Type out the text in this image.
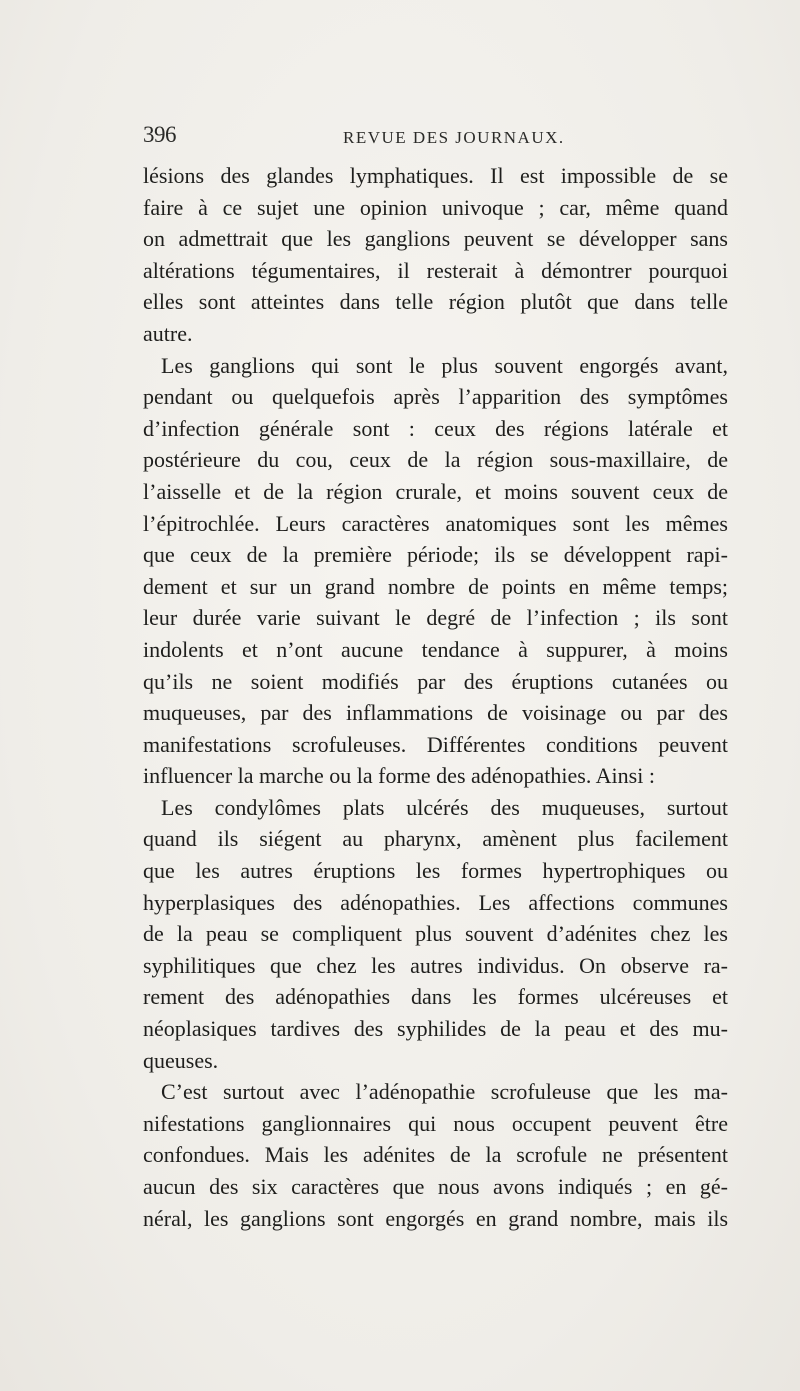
396	REVUE DES JOURNAUX.
lésions des glandes lymphatiques. Il est impossible de se
faire à ce sujet une opinion univoque ; car, même quand
on admettrait que les ganglions peuvent se développer sans
altérations tégumentaires, il resterait à démontrer pourquoi
elles sont atteintes dans telle région plutôt que dans telle
autre.
Les ganglions qui sont le plus souvent engorgés avant,
pendant ou quelquefois après l’apparition des symptômes
d’infection générale sont : ceux des régions latérale et
postérieure du cou, ceux de la région sous-maxillaire, de
l’aisselle et de la région crurale, et moins souvent ceux de
l’épitrochlée. Leurs caractères anatomiques sont les mêmes
que ceux de la première période; ils se développent rapi-
dement et sur un grand nombre de points en même temps;
leur durée varie suivant le degré de l’infection ; ils sont
indolents et n’ont aucune tendance à suppurer, à moins
qu’ils ne soient modifiés par des éruptions cutanées ou
muqueuses, par des inflammations de voisinage ou par des
manifestations scrofuleuses. Différentes conditions peuvent
influencer la marche ou la forme des adénopathies. Ainsi :
Les condylômes plats ulcérés des muqueuses, surtout
quand ils siégent au pharynx, amènent plus facilement
que les autres éruptions les formes hypertrophiques ou
hyperplasiques des adénopathies. Les affections communes
de la peau se compliquent plus souvent d’adénites chez les
syphilitiques que chez les autres individus. On observe ra-
rement des adénopathies dans les formes ulcéreuses et
néoplasiques tardives des syphilides de la peau et des mu-
queuses.
C’est surtout avec l’adénopathie scrofuleuse que les ma-
nifestations ganglionnaires qui nous occupent peuvent être
confondues. Mais les adénites de la scrofule ne présentent
aucun des six caractères que nous avons indiqués ; en gé-
néral, les ganglions sont engorgés en grand nombre, mais ils
